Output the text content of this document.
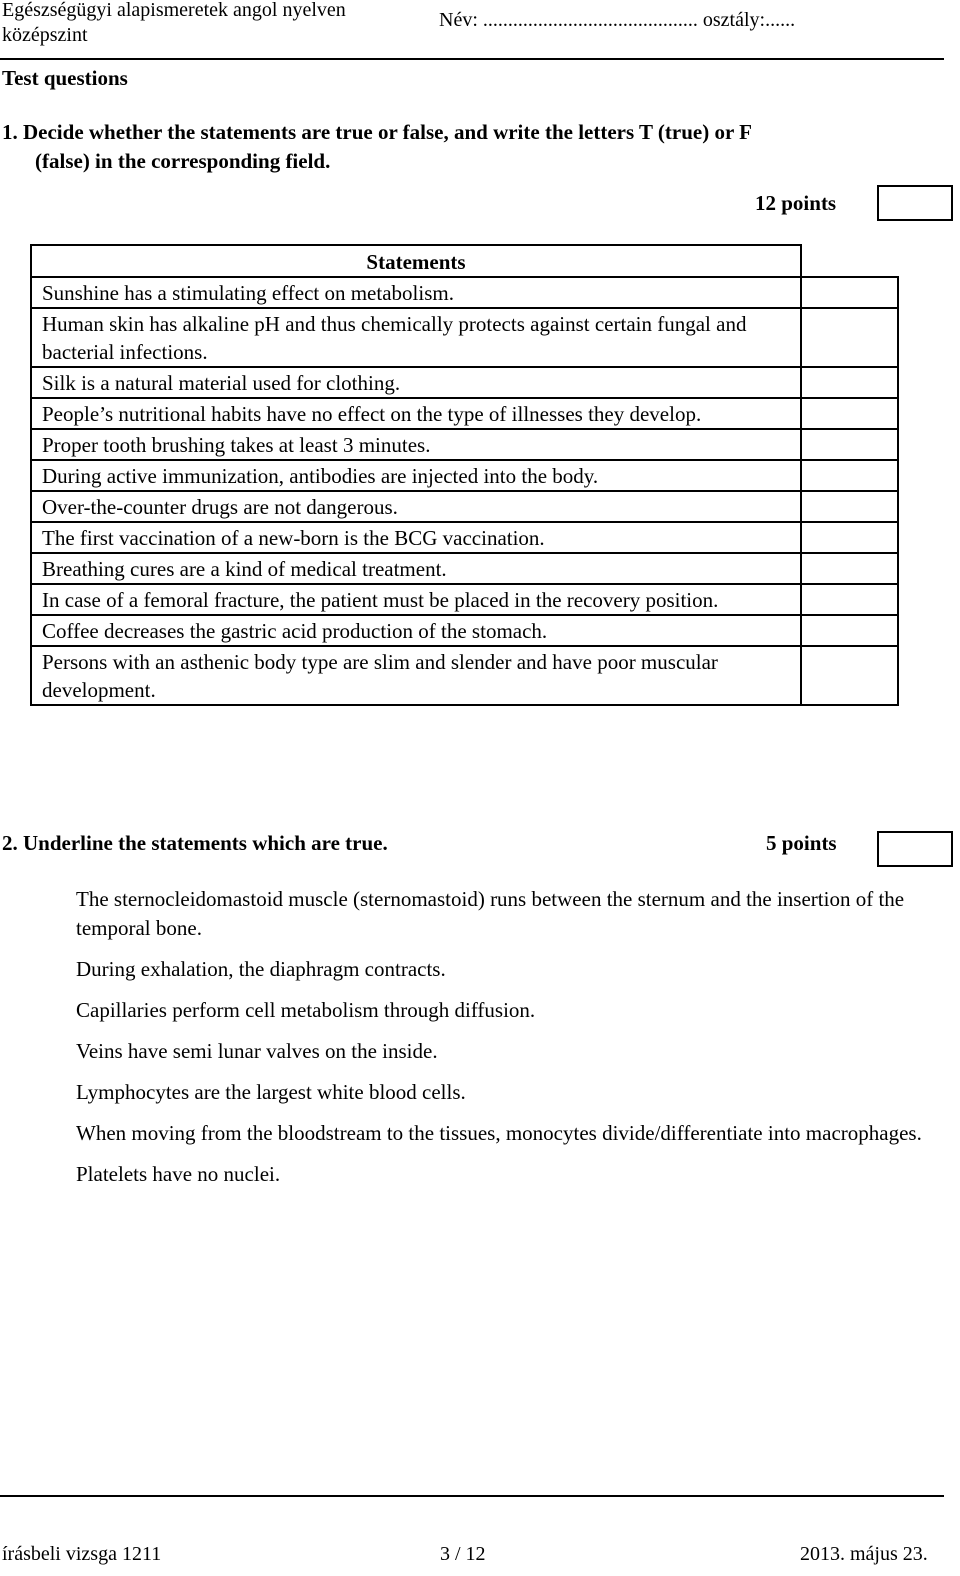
Egészségügyi alapismeretek angol nyelven
középszint
Név: ........................................... osztály:......
Test questions
1. Decide whether the statements are true or false, and write the letters T (true) or F
(false) in the corresponding field.
12 points
Statements	
Sunshine has a stimulating effect on metabolism.	
Human skin has alkaline pH and thus chemically protects against certain fungal and bacterial infections.	
Silk is a natural material used for clothing.	
People’s nutritional habits have no effect on the type of illnesses they develop.	
Proper tooth brushing takes at least 3 minutes.	
During active immunization, antibodies are injected into the body.	
Over-the-counter drugs are not dangerous.	
The first vaccination of a new-born is the BCG vaccination.	
Breathing cures are a kind of medical treatment.	
In case of a femoral fracture, the patient must be placed in the recovery position.	
Coffee decreases the gastric acid production of the stomach.	
Persons with an asthenic body type are slim and slender and have poor muscular development.	
2. Underline the statements which are true.	5 points
The sternocleidomastoid muscle (sternomastoid) runs between the sternum and the insertion of the temporal bone.
During exhalation, the diaphragm contracts.
Capillaries perform cell metabolism through diffusion.
Veins have semi lunar valves on the inside.
Lymphocytes are the largest white blood cells.
When moving from the bloodstream to the tissues, monocytes divide/differentiate into macrophages.
Platelets have no nuclei.
írásbeli vizsga 1211	3 / 12	2013. május 23.
